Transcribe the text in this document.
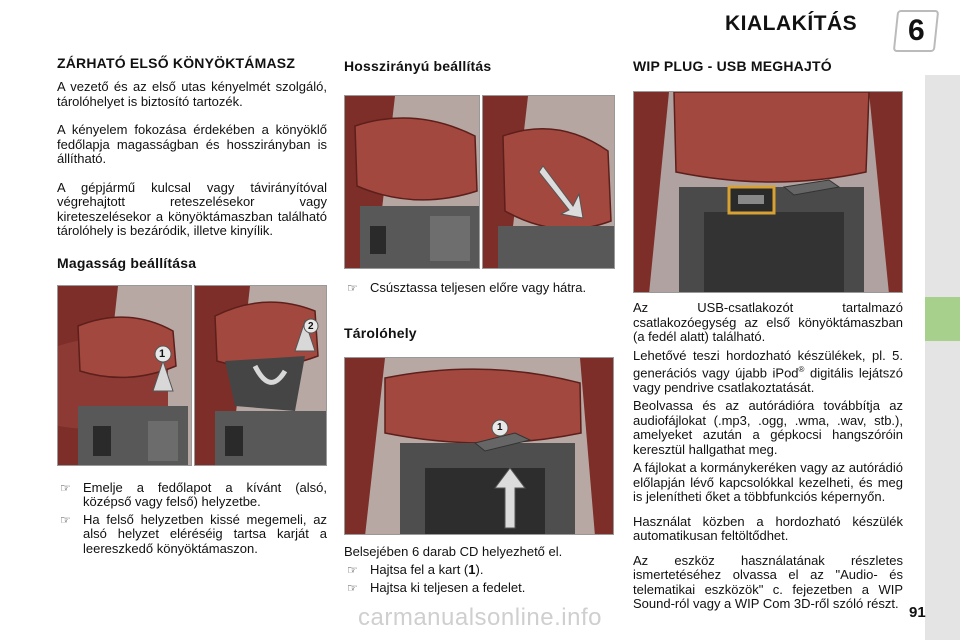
KIALAKÍTÁS 6
ZÁRHATÓ ELSŐ KÖNYÖKTÁMASZ

A vezető és az első utas kényelmét szolgáló, tárolóhelyet is biztosító tartozék.

A kényelem fokozása érdekében a könyöklő fedőlapja magasságban és hosszirányban is állítható.

A gépjármű kulcsal vagy távirányítóval végrehajtott reteszelésekor vagy kireteszelésekor a könyöktámaszban található tárolóhely is bezáródik, illetve kinyílik.

Magasság beállítása
1
2
☞ Emelje a fedőlapot a kívánt (alsó, középső vagy felső) helyzetbe.
☞ Ha felső helyzetben kissé megemeli, az alsó helyzet eléréséig tartsa karját a leereszkedő könyöktámaszon.
Hosszirányú beállítás
☞ Csúsztassa teljesen előre vagy hátra.
Tárolóhely
1

Belsejében 6 darab CD helyezhető el.

☞ Hajtsa fel a kart (1).
☞ Hajtsa ki teljesen a fedelet.
WIP PLUG - USB MEGHAJTÓ

Az USB-csatlakozót tartalmazó csatlakozóegység az első könyöktámaszban (a fedél alatt) található.

Lehetővé teszi hordozható készülékek, pl. 5. generációs vagy újabb iPod® digitális lejátszó vagy pendrive csatlakoztatását.

Beolvassa és az autórádióra továbbítja az audiofájlokat (.mp3, .ogg, .wma, .wav, stb.), amelyeket azután a gépkocsi hangszóróin keresztül hallgathat meg.

A fájlokat a kormánykeréken vagy az autórádió előlapján lévő kapcsolókkal kezelheti, és meg is jelenítheti őket a többfunkciós képernyőn.

Használat közben a hordozható készülék automatikusan feltöltődhet.

Az eszköz használatának részletes ismertetéséhez olvassa el az "Audio- és telematikai eszközök" c. fejezetben a WIP Sound-ról vagy a WIP Com 3D-ről szóló részt.

carmanualsonline.info	91
